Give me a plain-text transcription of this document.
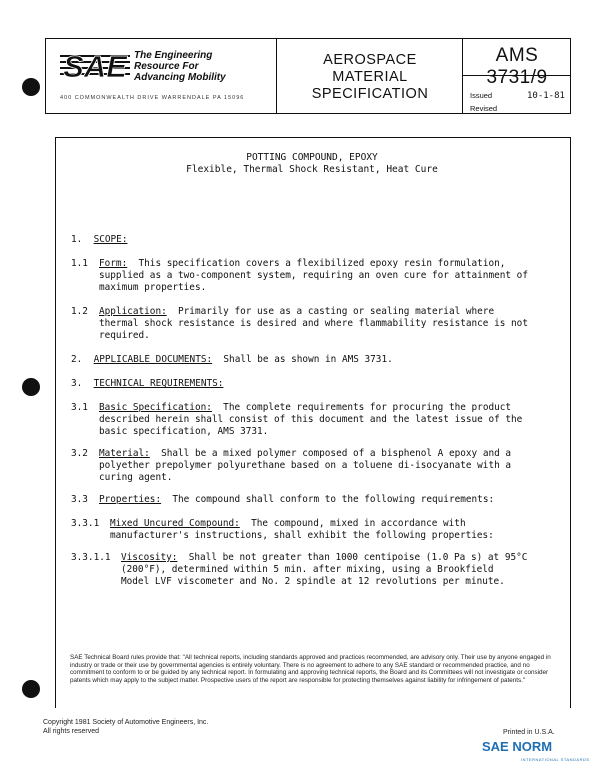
SAE The Engineering
Resource For
Advancing Mobility
400 COMMONWEALTH DRIVE WARRENDALE PA 15096
AEROSPACE
MATERIAL
SPECIFICATION
AMS 3731/9
Issued	10-1-81
Revised
POTTING COMPOUND, EPOXY
Flexible, Thermal Shock Resistant, Heat Cure
1. SCOPE:
1.1 Form:  This specification covers a flexibilized epoxy resin formulation,
supplied as a two-component system, requiring an oven cure for attainment of
maximum properties.
1.2 Application:  Primarily for use as a casting or sealing material where
thermal shock resistance is desired and where flammability resistance is not
required.
2. APPLICABLE DOCUMENTS:  Shall be as shown in AMS 3731.
3. TECHNICAL REQUIREMENTS:
3.1 Basic Specification:  The complete requirements for procuring the product
described herein shall consist of this document and the latest issue of the
basic specification, AMS 3731.
3.2 Material:  Shall be a mixed polymer composed of a bisphenol A epoxy and a
polyether prepolymer polyurethane based on a toluene di-isocyanate with a
curing agent.
3.3 Properties:  The compound shall conform to the following requirements:
3.3.1 Mixed Uncured Compound:  The compound, mixed in accordance with
manufacturer's instructions, shall exhibit the following properties:
3.3.1.1 Viscosity:  Shall be not greater than 1000 centipoise (1.0 Pa s) at 95°C
(200°F), determined within 5 min. after mixing, using a Brookfield
Model LVF viscometer and No. 2 spindle at 12 revolutions per minute.
SAE Technical Board rules provide that: "All technical reports, including standards approved and practices recommended, are advisory only. Their use by anyone engaged in industry or trade or their use by governmental agencies is entirely voluntary. There is no agreement to adhere to any SAE standard or recommended practice, and no commitment to conform to or be guided by any technical report. In formulating and approving technical reports, the Board and its Committees will not investigate or consider patents which may apply to the subject matter. Prospective users of the report are responsible for protecting themselves against liability for infringement of patents."
Copyright 1981 Society of Automotive Engineers, Inc.
All rights reserved	Printed in U.S.A.
SAE NORM
INTERNATIONAL STANDARDS
